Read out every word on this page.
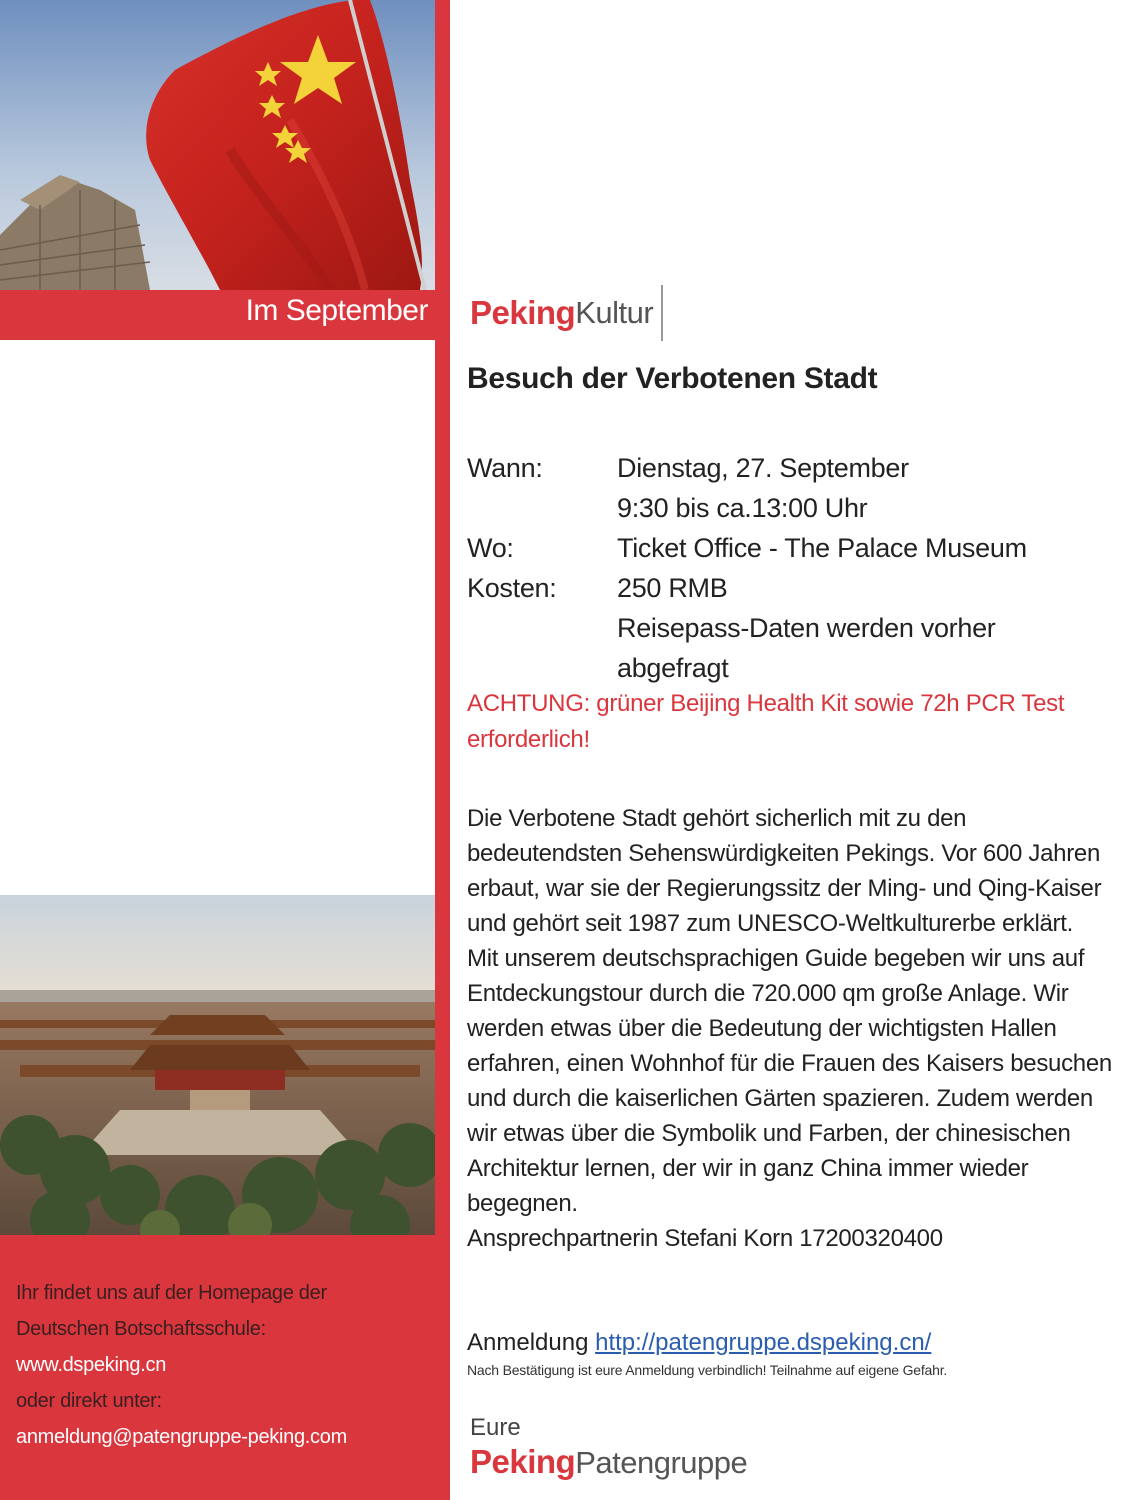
Im September
Ihr findet uns auf der Homepage der
Deutschen Botschaftsschule:
www.dspeking.cn
oder direkt unter:
anmeldung@patengruppe-peking.com
Peking Kultur
Besuch der Verbotenen Stadt
Wann:	Dienstag, 27. September
9:30 bis ca.13:00 Uhr
Wo:	Ticket Office - The Palace Museum
Kosten:	250 RMB
Reisepass-Daten werden vorher
abgefragt
ACHTUNG: grüner Beijing Health Kit sowie 72h PCR Test erforderlich!

Die Verbotene Stadt gehört sicherlich mit zu den bedeutendsten Sehenswürdigkeiten Pekings. Vor 600 Jahren erbaut, war sie der Regierungssitz der Ming- und Qing-Kaiser und gehört seit 1987 zum UNESCO-Weltkulturerbe erklärt.

Mit unserem deutschsprachigen Guide begeben wir uns auf Entdeckungstour durch die 720.000 qm große Anlage. Wir werden etwas über die Bedeutung der wichtigsten Hallen erfahren, einen Wohnhof für die Frauen des Kaisers besuchen und durch die kaiserlichen Gärten spazieren. Zudem werden wir etwas über die Symbolik und Farben, der chinesischen Architektur lernen, der wir in ganz China immer wieder begegnen.

Ansprechpartnerin Stefani Korn 17200320400

Anmeldung http://patengruppe.dspeking.cn/
Nach Bestätigung ist eure Anmeldung verbindlich! Teilnahme auf eigene Gefahr.
Eure
Peking Patengruppe
